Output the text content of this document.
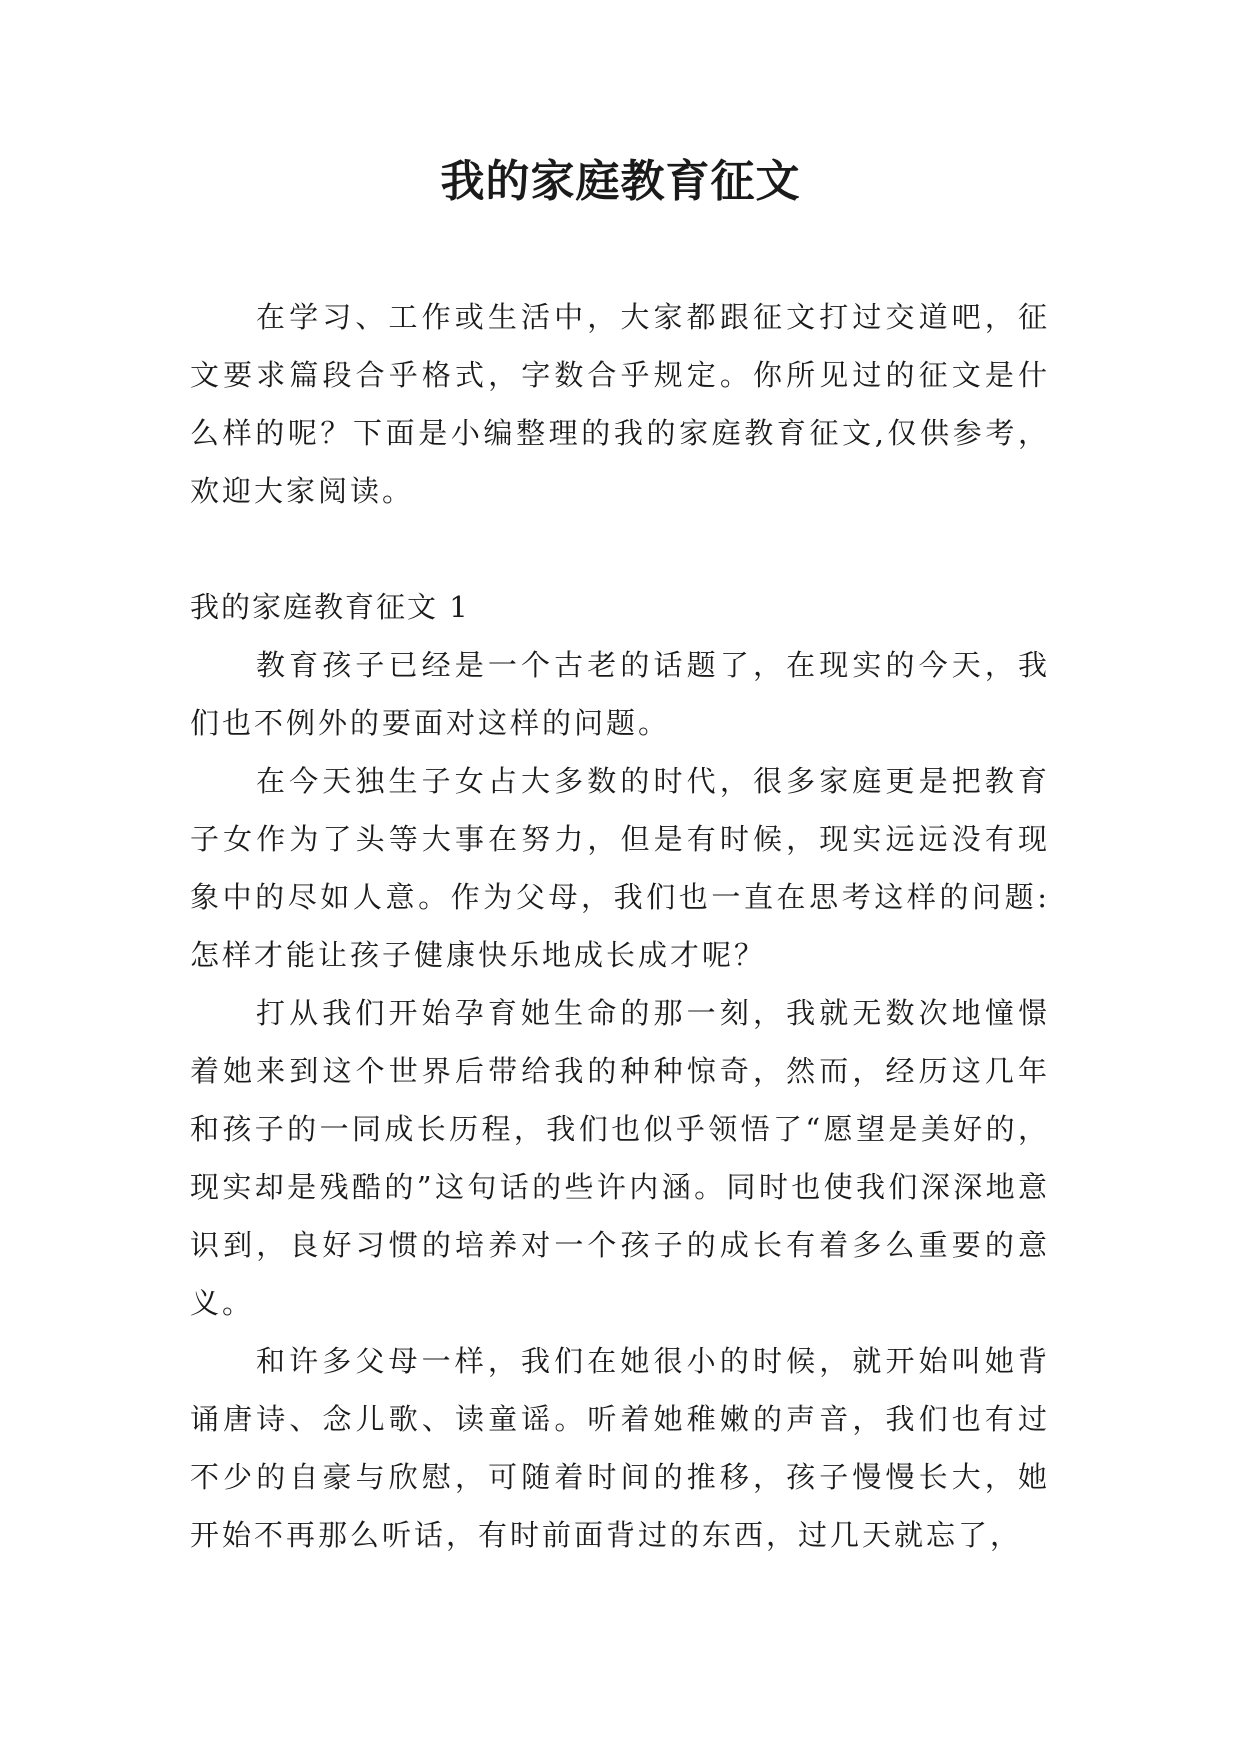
我的家庭教育征文

在学习、工作或生活中，大家都跟征文打过交道吧，征文要求篇段合乎格式，字数合乎规定。你所见过的征文是什么样的呢？下面是小编整理的我的家庭教育征文,仅供参考，欢迎大家阅读。

我的家庭教育征文 1

教育孩子已经是一个古老的话题了，在现实的今天，我们也不例外的要面对这样的问题。

在今天独生子女占大多数的时代，很多家庭更是把教育子女作为了头等大事在努力，但是有时候，现实远远没有现象中的尽如人意。作为父母，我们也一直在思考这样的问题:怎样才能让孩子健康快乐地成长成才呢？

打从我们开始孕育她生命的那一刻，我就无数次地憧憬着她来到这个世界后带给我的种种惊奇，然而，经历这几年和孩子的一同成长历程，我们也似乎领悟了“愿望是美好的，现实却是残酷的”这句话的些许内涵。同时也使我们深深地意识到，良好习惯的培养对一个孩子的成长有着多么重要的意义。

和许多父母一样，我们在她很小的时候，就开始叫她背诵唐诗、念儿歌、读童谣。听着她稚嫩的声音，我们也有过不少的自豪与欣慰，可随着时间的推移，孩子慢慢长大，她开始不再那么听话，有时前面背过的东西，过几天就忘了，
